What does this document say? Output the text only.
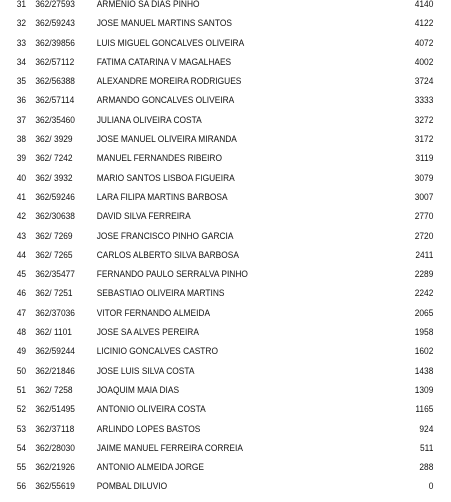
31 362/27593 ARMENIO SA DIAS PINHO	4140
32 362/59243 JOSE MANUEL MARTINS SANTOS	4122
33 362/39856 LUIS MIGUEL GONCALVES OLIVEIRA	4072
34 362/57112 FATIMA CATARINA V MAGALHAES	4002
35 362/56388 ALEXANDRE MOREIRA RODRIGUES	3724
36 362/57114 ARMANDO GONCALVES OLIVEIRA	3333
37 362/35460 JULIANA OLIVEIRA COSTA	3272
38 362/ 3929	JOSE MANUEL OLIVEIRA MIRANDA	3172
39 362/ 7242	MANUEL FERNANDES RIBEIRO	3119
40 362/ 3932	MARIO SANTOS LISBOA FIGUEIRA	3079
41 362/59246 LARA FILIPA MARTINS BARBOSA	3007
42 362/30638 DAVID SILVA FERREIRA	2770
43 362/ 7269	JOSE FRANCISCO PINHO GARCIA	2720
44 362/ 7265	CARLOS ALBERTO SILVA BARBOSA	2411
45 362/35477 FERNANDO PAULO SERRALVA PINHO	2289
46 362/ 7251	SEBASTIAO OLIVEIRA MARTINS	2242
47 362/37036 VITOR FERNANDO ALMEIDA	2065
48 362/ 1101	JOSE SA ALVES PEREIRA	1958
49 362/59244 LICINIO GONCALVES CASTRO	1602
50 362/21846 JOSE LUIS SILVA COSTA	1438
51 362/ 7258	JOAQUIM MAIA DIAS	1309
52 362/51495 ANTONIO OLIVEIRA COSTA	1165
53 362/37118 ARLINDO LOPES BASTOS	924
54 362/28030 JAIME MANUEL FERREIRA CORREIA	511
55 362/21926 ANTONIO ALMEIDA JORGE	288
56 362/55619 POMBAL DILUVIO	0
